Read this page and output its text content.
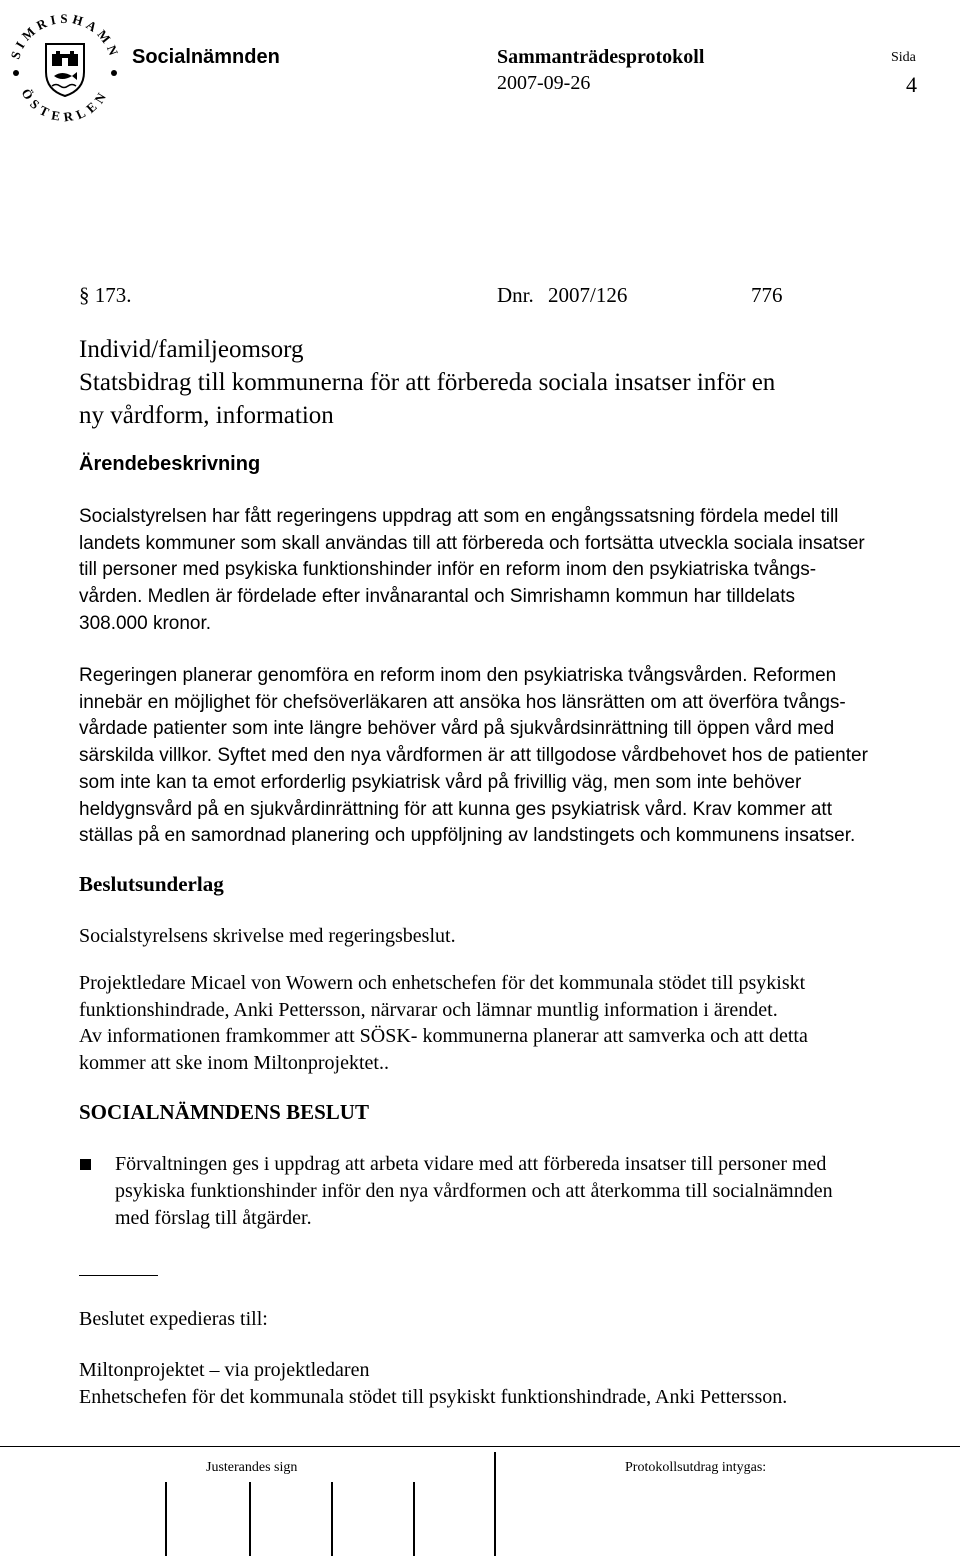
SIMRISHAMN
ÖSTERLEN
Socialnämnden	Sammanträdesprotokoll	Sida
2007-09-26	4
§ 173.	Dnr. 2007/126	776
Individ/familjeomsorg
Statsbidrag till kommunerna för att förbereda sociala insatser inför en
ny vårdform, information
Ärendebeskrivning
Socialstyrelsen har fått regeringens uppdrag att som en engångssatsning fördela medel till
landets kommuner som skall användas till att förbereda och fortsätta utveckla sociala insatser
till personer med psykiska funktionshinder inför en reform inom den psykiatriska tvångs-
vården. Medlen är fördelade efter invånarantal och Simrishamn kommun har tilldelats
308.000 kronor.
Regeringen planerar genomföra en reform inom den psykiatriska tvångsvården. Reformen
innebär en möjlighet för chefsöverläkaren att ansöka hos länsrätten om att överföra tvångs-
vårdade patienter som inte längre behöver vård på sjukvårdsinrättning till öppen vård med
särskilda villkor. Syftet med den nya vårdformen är att tillgodose vårdbehovet hos de patienter
som inte kan ta emot erforderlig psykiatrisk vård på frivillig väg, men som inte behöver
heldygnsvård på en sjukvårdinrättning för att kunna ges psykiatrisk vård. Krav kommer att
ställas på en samordnad planering och uppföljning av landstingets och kommunens insatser.
Beslutsunderlag
Socialstyrelsens skrivelse med regeringsbeslut.
Projektledare Micael von Wowern och enhetschefen för det kommunala stödet till psykiskt
funktionshindrade, Anki Pettersson, närvarar och lämnar muntlig information i ärendet.
Av informationen framkommer att SÖSK- kommunerna planerar att samverka och att detta
kommer att ske inom Miltonprojektet..
SOCIALNÄMNDENS BESLUT
Förvaltningen ges i uppdrag att arbeta vidare med att förbereda insatser till personer med
psykiska funktionshinder inför den nya vårdformen och att återkomma till socialnämnden
med förslag till åtgärder.
Beslutet expedieras till:
Miltonprojektet – via projektledaren
Enhetschefen för det kommunala stödet till psykiskt funktionshindrade, Anki Pettersson.
Justerandes sign	Protokollsutdrag intygas:
